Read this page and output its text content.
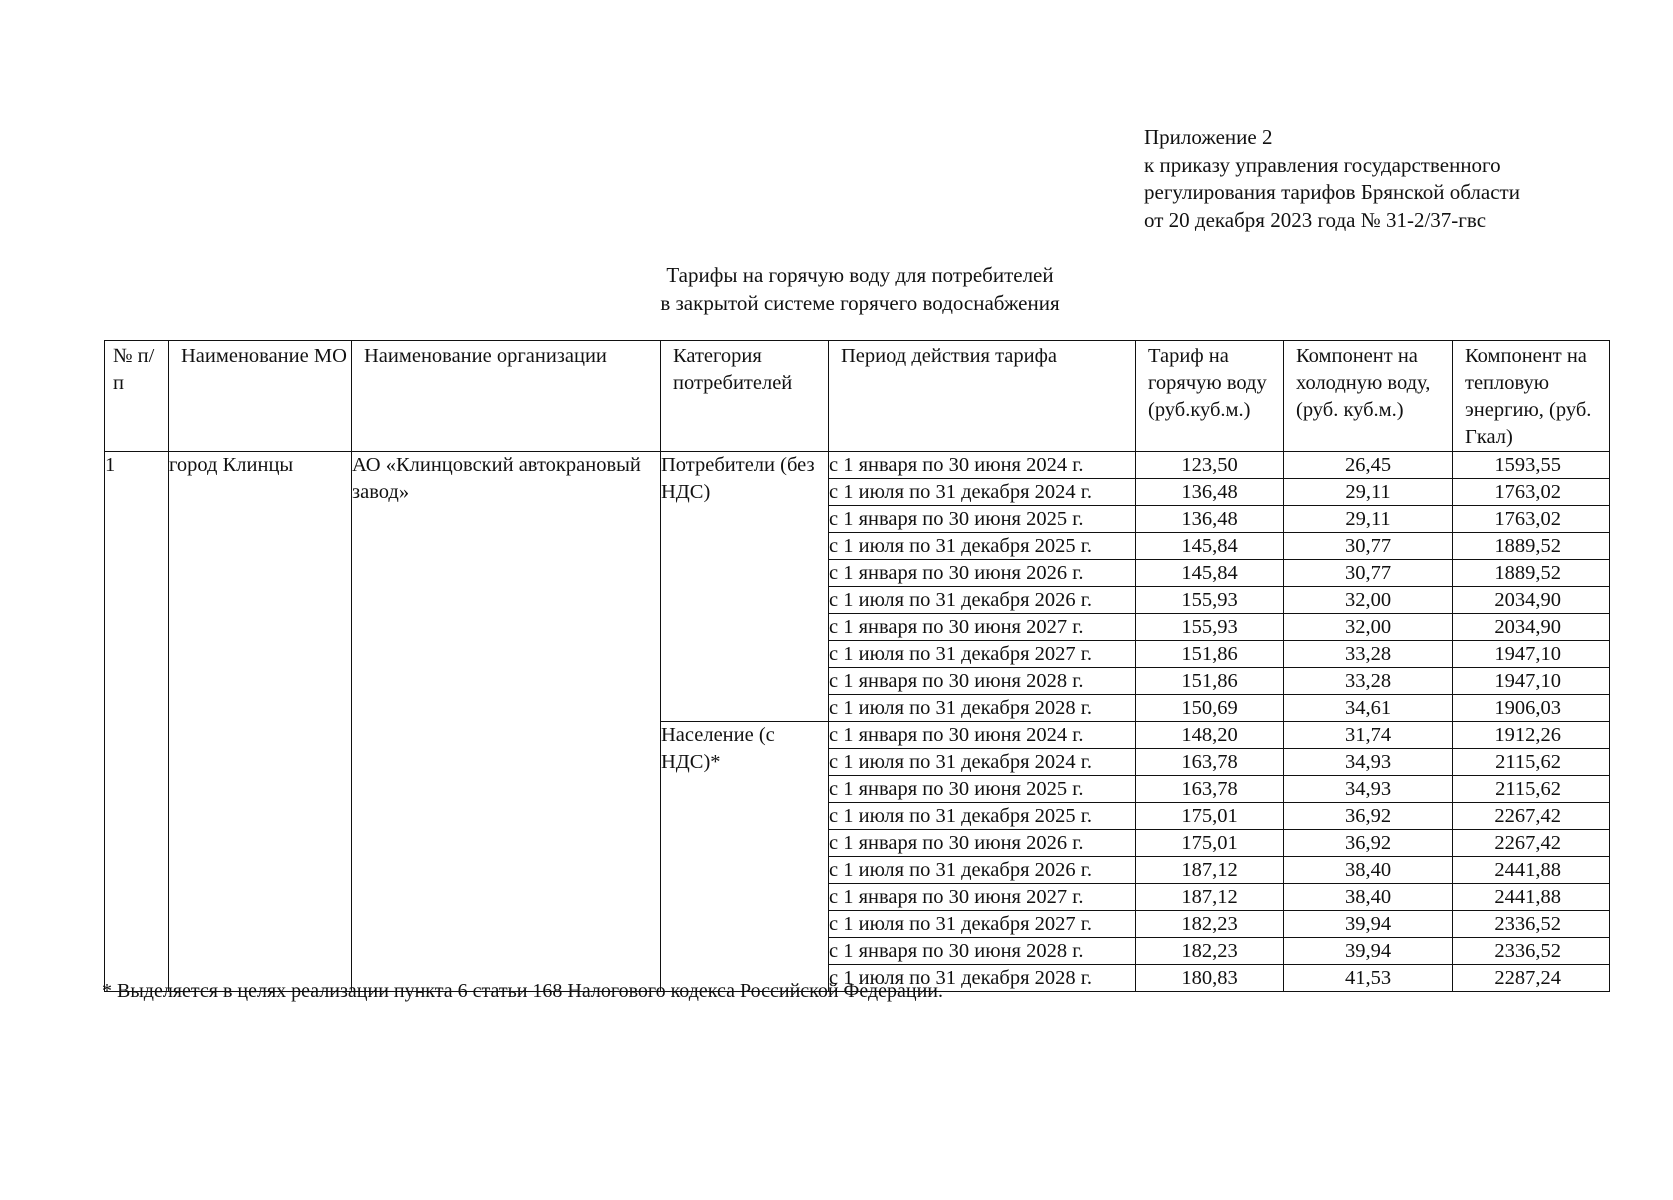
Приложение 2
к приказу управления государственного
регулирования тарифов Брянской области
от 20 декабря 2023 года № 31-2/37-гвс
Тарифы на горячую воду для потребителей
в закрытой системе горячего водоснабжения
№ п/п	Наименование МО	Наименование организации	Категория потребителей	Период действия тарифа	Тариф на горячую воду (руб.куб.м.)	Компонент на холодную воду, (руб. куб.м.)	Компонент на тепловую энергию, (руб. Гкал)
1	город Клинцы	АО «Клинцовский автокрановый завод»	Потребители (без НДС)	с 1 января по 30 июня 2024 г.	123,50	26,45	1593,55
				с 1 июля по 31 декабря 2024 г.	136,48	29,11	1763,02
				с 1 января по 30 июня 2025 г.	136,48	29,11	1763,02
				с 1 июля по 31 декабря 2025 г.	145,84	30,77	1889,52
				с 1 января по 30 июня 2026 г.	145,84	30,77	1889,52
				с 1 июля по 31 декабря 2026 г.	155,93	32,00	2034,90
				с 1 января по 30 июня 2027 г.	155,93	32,00	2034,90
				с 1 июля по 31 декабря 2027 г.	151,86	33,28	1947,10
				с 1 января по 30 июня 2028 г.	151,86	33,28	1947,10
				с 1 июля по 31 декабря 2028 г.	150,69	34,61	1906,03
			Население (с НДС)*	с 1 января по 30 июня 2024 г.	148,20	31,74	1912,26
				с 1 июля по 31 декабря 2024 г.	163,78	34,93	2115,62
				с 1 января по 30 июня 2025 г.	163,78	34,93	2115,62
				с 1 июля по 31 декабря 2025 г.	175,01	36,92	2267,42
				с 1 января по 30 июня 2026 г.	175,01	36,92	2267,42
				с 1 июля по 31 декабря 2026 г.	187,12	38,40	2441,88
				с 1 января по 30 июня 2027 г.	187,12	38,40	2441,88
				с 1 июля по 31 декабря 2027 г.	182,23	39,94	2336,52
				с 1 января по 30 июня 2028 г.	182,23	39,94	2336,52
				с 1 июля по 31 декабря 2028 г.	180,83	41,53	2287,24
* Выделяется в целях реализации пункта 6 статьи 168 Налогового кодекса Российской Федерации.
